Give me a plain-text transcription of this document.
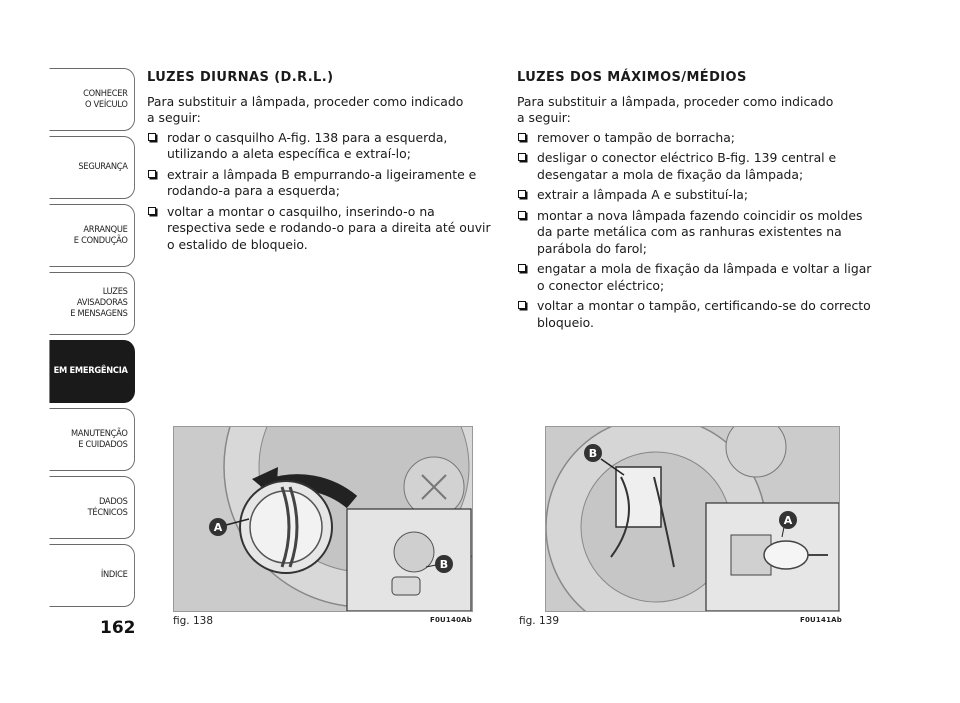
CONHECER
O VEÍCULO
SEGURANÇA
ARRANQUE
E CONDUÇÃO
LUZES
AVISADORAS
E MENSAGENS
EM EMERGÊNCIA
MANUTENÇÃO
E CUIDADOS
DADOS
TÉCNICOS
ÍNDICE
162
LUZES DIURNAS (D.R.L.)

Para substituir a lâmpada, proceder como indicado a seguir:

rodar o casquilho A-fig. 138 para a esquerda, utilizando a aleta específica e extraí-lo;
extrair a lâmpada B empurrando-a ligeiramente e rodando-a para a esquerda;
voltar a montar o casquilho, inserindo-o na respectiva sede e rodando-o para a direita até ouvir o estalido de bloqueio.
LUZES DOS MÁXIMOS/MÉDIOS

Para substituir a lâmpada, proceder como indicado a seguir:

remover o tampão de borracha;
desligar o conector eléctrico B-fig. 139 central e desengatar a mola de fixação da lâmpada;
extrair a lâmpada A e substituí-la;
montar a nova lâmpada fazendo coincidir os moldes da parte metálica com as ranhuras existentes na parábola do farol;
engatar a mola de fixação da lâmpada e voltar a ligar o conector eléctrico;
voltar a montar o tampão, certificando-se do correcto bloqueio.
A
B
fig. 138	F0U140Ab
B
A
fig. 139	F0U141Ab
